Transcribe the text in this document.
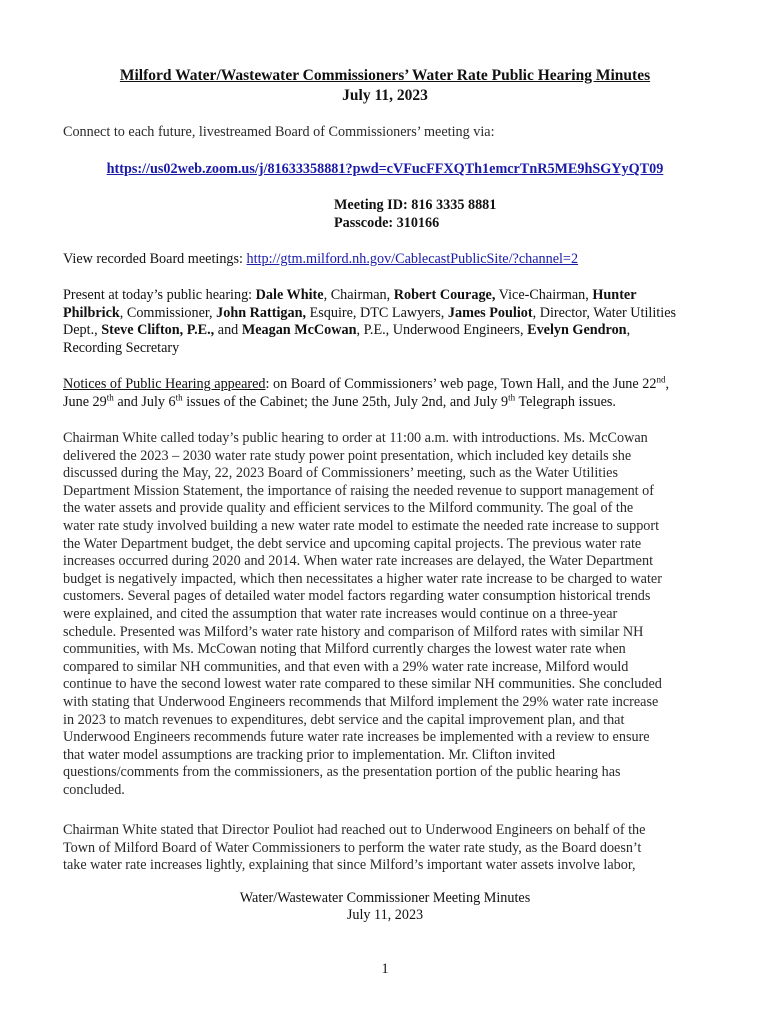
Milford Water/Wastewater Commissioners’ Water Rate Public Hearing Minutes
July 11, 2023
Connect to each future, livestreamed Board of Commissioners’ meeting via:
https://us02web.zoom.us/j/81633358881?pwd=cVFucFFXQTh1emcrTnR5ME9hSGYyQT09
Meeting ID: 816 3335 8881
Passcode: 310166
View recorded Board meetings: http://gtm.milford.nh.gov/CablecastPublicSite/?channel=2
Present at today’s public hearing: Dale White, Chairman, Robert Courage, Vice-Chairman, Hunter Philbrick, Commissioner, John Rattigan, Esquire, DTC Lawyers, James Pouliot, Director, Water Utilities Dept., Steve Clifton, P.E., and Meagan McCowan, P.E., Underwood Engineers, Evelyn Gendron, Recording Secretary
Notices of Public Hearing appeared: on Board of Commissioners’ web page, Town Hall, and the June 22nd, June 29th and July 6th issues of the Cabinet; the June 25th, July 2nd, and July 9th Telegraph issues.
Chairman White called today’s public hearing to order at 11:00 a.m. with introductions. Ms. McCowan
delivered the 2023 – 2030 water rate study power point presentation, which included key details she
discussed during the May, 22, 2023 Board of Commissioners’ meeting, such as the Water Utilities
Department Mission Statement, the importance of raising the needed revenue to support management of
the water assets and provide quality and efficient services to the Milford community. The goal of the
water rate study involved building a new water rate model to estimate the needed rate increase to support
the Water Department budget, the debt service and upcoming capital projects. The previous water rate
increases occurred during 2020 and 2014. When water rate increases are delayed, the Water Department
budget is negatively impacted, which then necessitates a higher water rate increase to be charged to water
customers. Several pages of detailed water model factors regarding water consumption historical trends
were explained, and cited the assumption that water rate increases would continue on a three-year
schedule. Presented was Milford’s water rate history and comparison of Milford rates with similar NH
communities, with Ms. McCowan noting that Milford currently charges the lowest water rate when
compared to similar NH communities, and that even with a 29% water rate increase, Milford would
continue to have the second lowest water rate compared to these similar NH communities. She concluded
with stating that Underwood Engineers recommends that Milford implement the 29% water rate increase
in 2023 to match revenues to expenditures, debt service and the capital improvement plan, and that
Underwood Engineers recommends future water rate increases be implemented with a review to ensure
that water model assumptions are tracking prior to implementation. Mr. Clifton invited
questions/comments from the commissioners, as the presentation portion of the public hearing has
concluded.
Chairman White stated that Director Pouliot had reached out to Underwood Engineers on behalf of the
Town of Milford Board of Water Commissioners to perform the water rate study, as the Board doesn’t
take water rate increases lightly, explaining that since Milford’s important water assets involve labor,
Water/Wastewater Commissioner Meeting Minutes
July 11, 2023
1
